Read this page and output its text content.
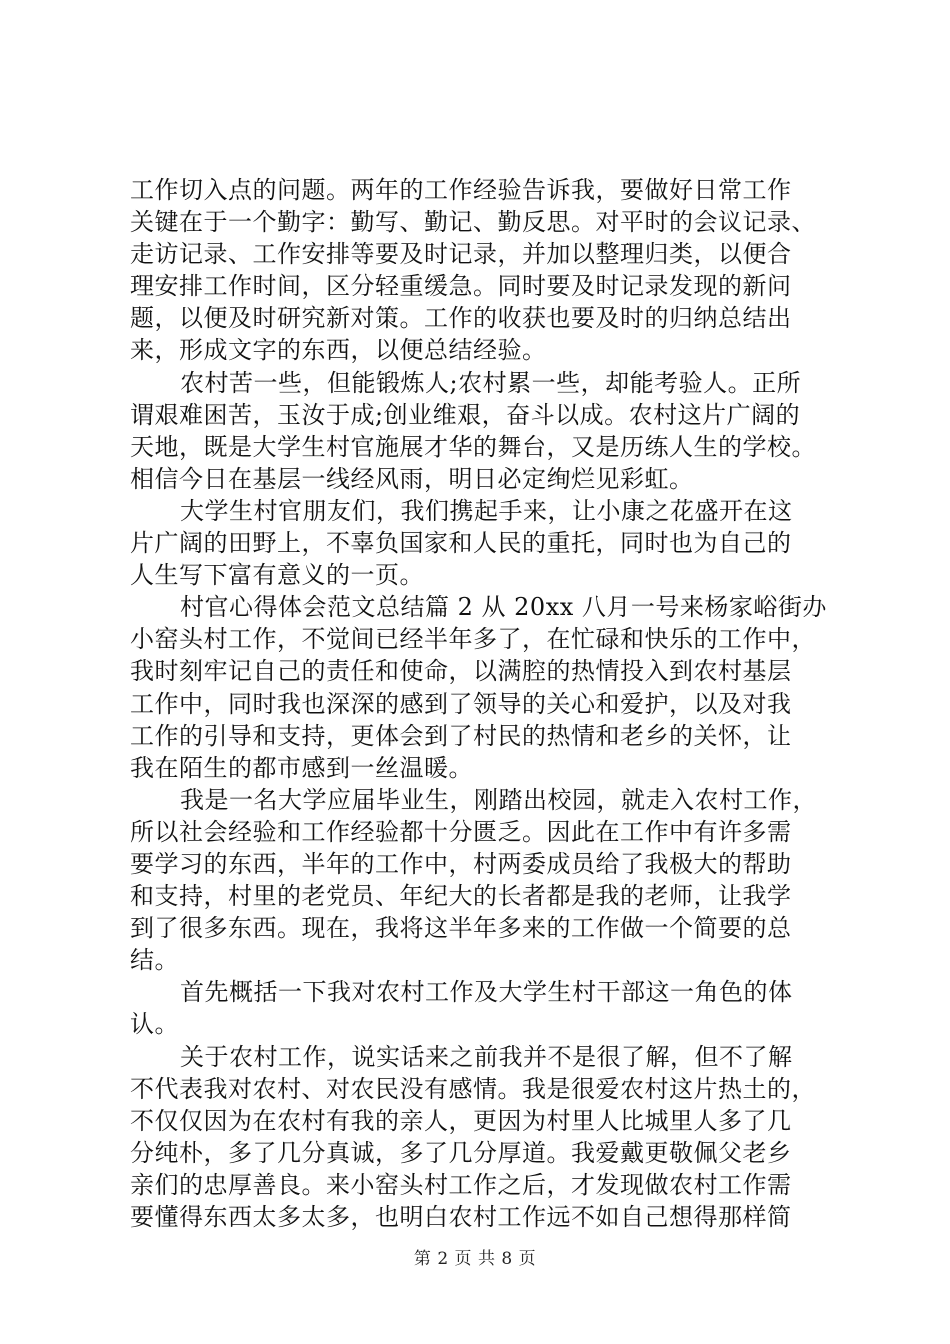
工作切入点的问题。两年的工作经验告诉我，要做好日常工作
关键在于一个勤字：勤写、勤记、勤反思。对平时的会议记录、
走访记录、工作安排等要及时记录，并加以整理归类，以便合
理安排工作时间，区分轻重缓急。同时要及时记录发现的新问
题，以便及时研究新对策。工作的收获也要及时的归纳总结出
来，形成文字的东西，以便总结经验。
农村苦一些，但能锻炼人;农村累一些，却能考验人。正所
谓艰难困苦，玉汝于成;创业维艰，奋斗以成。农村这片广阔的
天地，既是大学生村官施展才华的舞台，又是历练人生的学校。
相信今日在基层一线经风雨，明日必定绚烂见彩虹。
大学生村官朋友们，我们携起手来，让小康之花盛开在这
片广阔的田野上，不辜负国家和人民的重托，同时也为自己的
人生写下富有意义的一页。
村官心得体会范文总结篇 2 从 20xx 八月一号来杨家峪街办
小窑头村工作，不觉间已经半年多了，在忙碌和快乐的工作中，
我时刻牢记自己的责任和使命，以满腔的热情投入到农村基层
工作中，同时我也深深的感到了领导的关心和爱护，以及对我
工作的引导和支持，更体会到了村民的热情和老乡的关怀，让
我在陌生的都市感到一丝温暖。
我是一名大学应届毕业生，刚踏出校园，就走入农村工作，
所以社会经验和工作经验都十分匮乏。因此在工作中有许多需
要学习的东西，半年的工作中，村两委成员给了我极大的帮助
和支持，村里的老党员、年纪大的长者都是我的老师，让我学
到了很多东西。现在，我将这半年多来的工作做一个简要的总
结。
首先概括一下我对农村工作及大学生村干部这一角色的体
认。
关于农村工作，说实话来之前我并不是很了解，但不了解
不代表我对农村、对农民没有感情。我是很爱农村这片热土的，
不仅仅因为在农村有我的亲人，更因为村里人比城里人多了几
分纯朴，多了几分真诚，多了几分厚道。我爱戴更敬佩父老乡
亲们的忠厚善良。来小窑头村工作之后，才发现做农村工作需
要懂得东西太多太多，也明白农村工作远不如自己想得那样简
第 2 页 共 8 页
